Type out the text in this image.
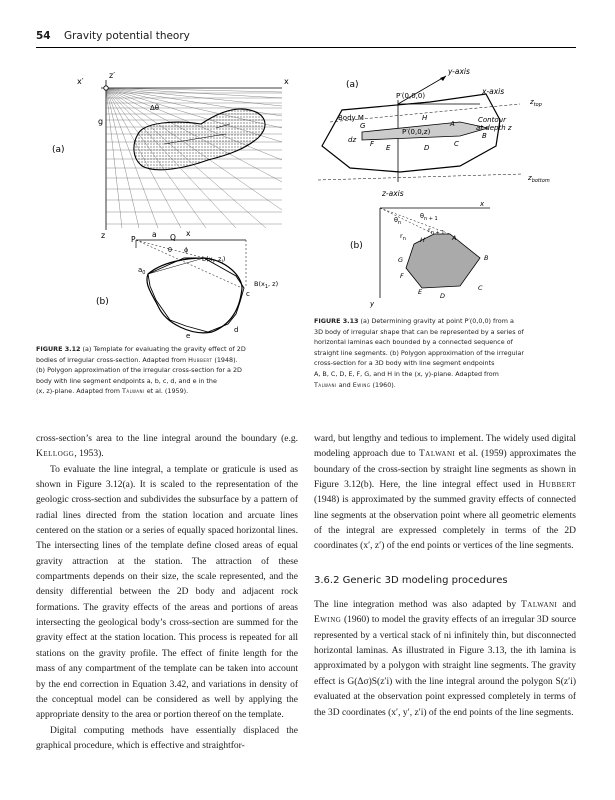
54 Gravity potential theory
x′
z′
x
Δθ
g
(a)
z	x
a Q
P
θ ϕ
$b(x_i$, $z_i$)
$a_0$
$B(x_1$, z)
c
(b)
d
e
FIGURE 3.12 (a) Template for evaluating the gravity effect of 2D
bodies of irregular cross-section. Adapted from Hubbert (1948).
(b) Polygon approximation of the irregular cross-section for a 2D
body with line segment endpoints a, b, c, d, and e in the
(x, z)-plane. Adapted from Talwani et al. (1959).
(a)
y-axis
x-axis
P′(0,0,0)
Body M	H
A
G
Contour
at depth z
$z_{top}$
dz
P′(0,0,z)	B
F E	D	C
$z_{bottom}$
z-axis
x
y
$\theta_n$
$\theta_{n + 1}$
$r_{n + 1}$
$r_n$ H	A
(b)
G	B
F
C
E	D
FIGURE 3.13 (a) Determining gravity at point P′(0,0,0) from a
3D body of irregular shape that can be represented by a series of
horizontal laminas each bounded by a connected sequence of
straight line segments. (b) Polygon approximation of the irregular
cross-section for a 3D body with line segment endpoints
A, B, C, D, E, F, G, and H in the (x, y)-plane. Adapted from
Talwani and Ewing (1960).

cross-section’s area to the line integral around the boundary (e.g. Kellogg, 1953).

To evaluate the line integral, a template or graticule is used as shown in Figure 3.12(a). It is scaled to the representation of the geologic cross-section and subdivides the subsurface by a pattern of radial lines directed from the station location and arcuate lines centered on the station or a series of equally spaced horizontal lines. The intersecting lines of the template define closed areas of equal gravity attraction at the station. The attraction of these compartments depends on their size, the scale represented, and the density differential between the 2D body and adjacent rock formations. The gravity effects of the areas and portions of areas intersecting the geological body’s cross-section are summed for the gravity effect at the station location. This process is repeated for all stations on the gravity profile. The effect of finite length for the mass of any compartment of the template can be taken into account by the end correction in Equation 3.42, and variations in density of the conceptual model can be considered as well by applying the appropriate density to the area or portion thereof on the template.

Digital computing methods have essentially displaced the graphical procedure, which is effective and straightfor-

ward, but lengthy and tedious to implement. The widely used digital modeling approach due to Talwani et al. (1959) approximates the boundary of the cross-section by straight line segments as shown in Figure 3.12(b). Here, the line integral effect used in Hubbert (1948) is approximated by the summed gravity effects of connected line segments at the observation point where all geometric elements of the integral are expressed completely in terms of the 2D coordinates (x′, z′) of the end points or vertices of the line segments.

3.6.2 Generic 3D modeling procedures

The line integration method was also adapted by Talwani and Ewing (1960) to model the gravity effects of an irregular 3D source represented by a vertical stack of ni infinitely thin, but disconnected horizontal laminas. As illustrated in Figure 3.13, the ith lamina is approximated by a polygon with straight line segments. The gravity effect is G(Δσ)S(z′i) with the line integral around the polygon S(z′i) evaluated at the observation point expressed completely in terms of the 3D coordinates (x′, y′, z′i) of the end points of the line segments.
